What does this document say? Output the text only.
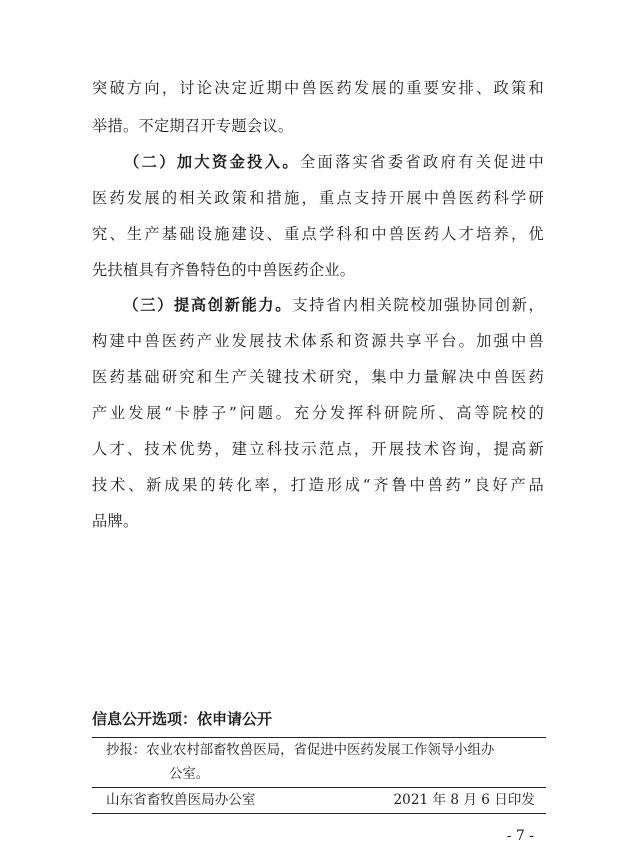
突破方向，讨论决定近期中兽医药发展的重要安排、政策和
举措。不定期召开专题会议。
（二）加大资金投入。全面落实省委省政府有关促进中
医药发展的相关政策和措施，重点支持开展中兽医药科学研
究、生产基础设施建设、重点学科和中兽医药人才培养，优
先扶植具有齐鲁特色的中兽医药企业。
（三）提高创新能力。支持省内相关院校加强协同创新，
构建中兽医药产业发展技术体系和资源共享平台。加强中兽
医药基础研究和生产关键技术研究，集中力量解决中兽医药
产业发展“卡脖子”问题。充分发挥科研院所、高等院校的
人才、技术优势，建立科技示范点，开展技术咨询，提高新
技术、新成果的转化率，打造形成“齐鲁中兽药”良好产品
品牌。
信息公开选项：依申请公开
抄报：农业农村部畜牧兽医局，省促进中医药发展工作领导小组办
公室。
山东省畜牧兽医局办公室	2021 年 8 月 6 日印发
- 7 -
